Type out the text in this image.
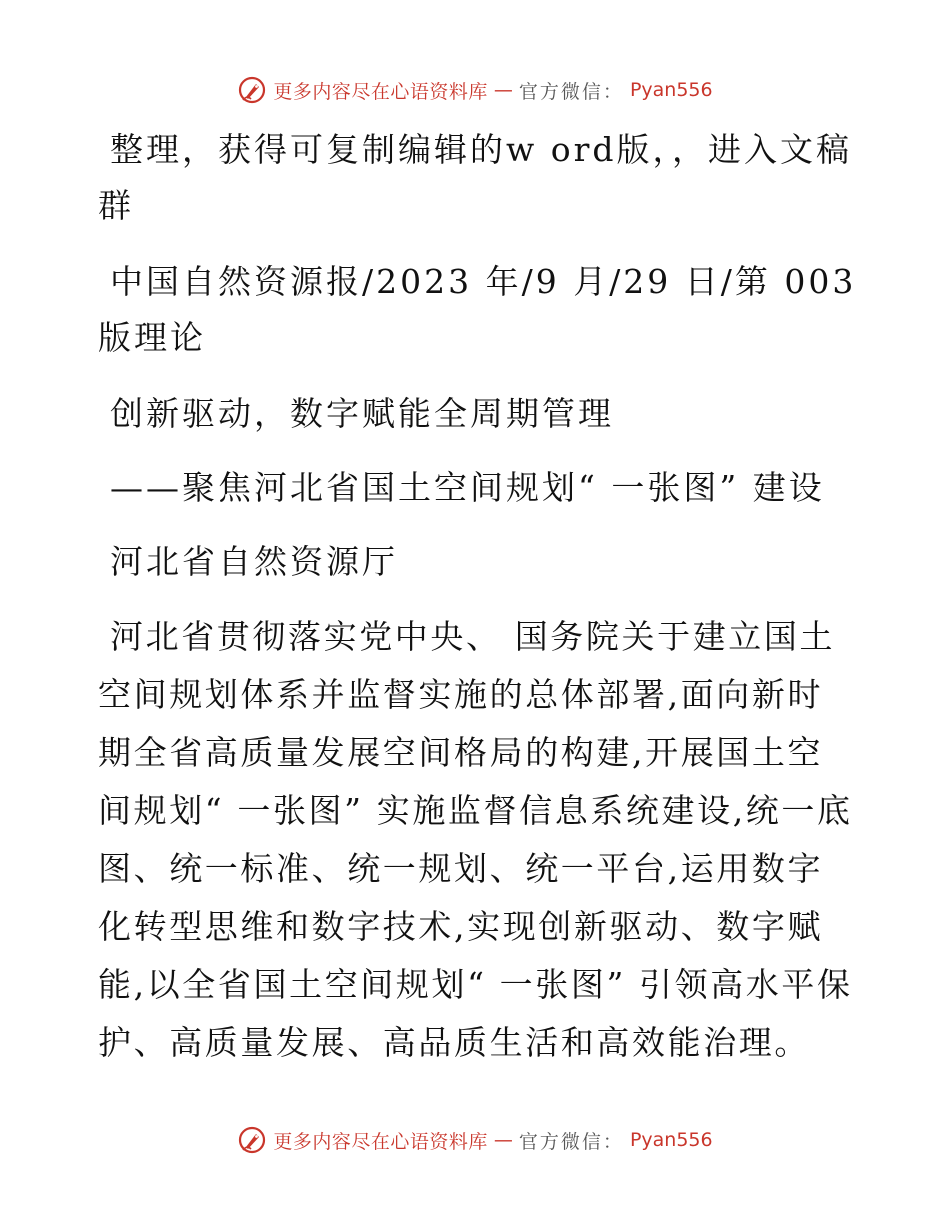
更多内容尽在心语资料库 — 官方微信： Pyan556

整理，获得可复制编辑的w ord版，，进入文稿群

中国自然资源报/2023 年/9 月/29 日/第 003 版理论

创新驱动，数字赋能全周期管理

——聚焦河北省国土空间规划“ 一张图” 建设

河北省自然资源厅

河北省贯彻落实党中央、 国务院关于建立国土空间规划体系并监督实施的总体部署,面向新时期全省高质量发展空间格局的构建,开展国土空间规划“ 一张图” 实施监督信息系统建设,统一底图、统一标准、统一规划、统一平台,运用数字化转型思维和数字技术,实现创新驱动、数字赋能,以全省国土空间规划“ 一张图” 引领高水平保护、高质量发展、高品质生活和高效能治理。

更多内容尽在心语资料库 — 官方微信： Pyan556
